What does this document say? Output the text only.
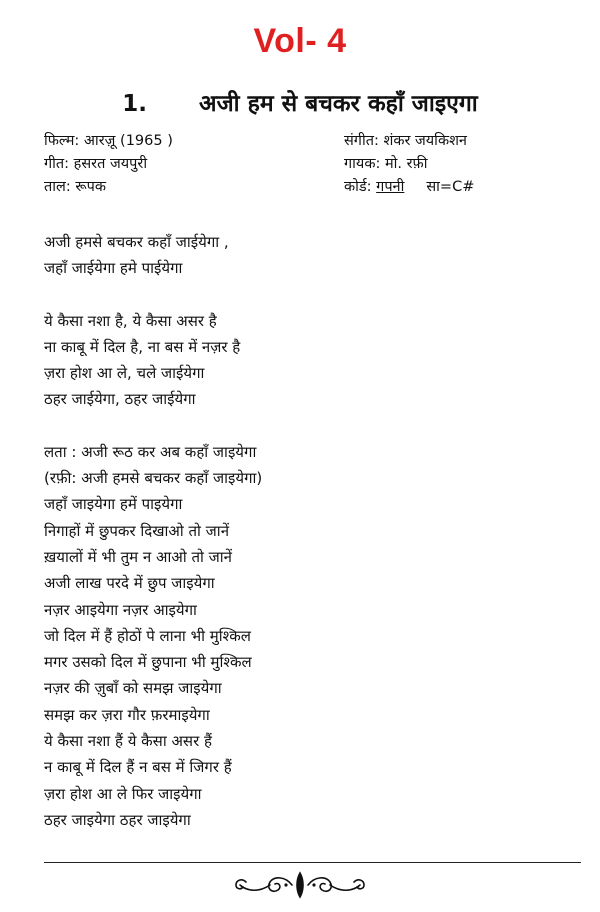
Vol- 4
1. अजी हम से बचकर कहाँ जाइएगा
फिल्म: आरज़ू (1965 )	संगीत: शंकर जयकिशन
गीत: हसरत जयपुरी	गायक: मो. रफ़ी
ताल: रूपक	कोर्ड: गपनी सा=C#
अजी हमसे बचकर कहाँ जाईयेगा ,
जहाँ जाईयेगा हमे पाईयेगा
ये कैसा नशा है, ये कैसा असर है
ना काबू में दिल है, ना बस में नज़र है
ज़रा होश आ ले, चले जाईयेगा
ठहर जाईयेगा, ठहर जाईयेगा
लता : अजी रूठ कर अब कहाँ जाइयेगा
(रफ़ी: अजी हमसे बचकर कहाँ जाइयेगा)
जहाँ जाइयेगा हमें पाइयेगा
निगाहों में छुपकर दिखाओ तो जानें
ख़यालों में भी तुम न आओ तो जानें
अजी लाख परदे में छुप जाइयेगा
नज़र आइयेगा नज़र आइयेगा
जो दिल में हैं होठों पे लाना भी मुश्किल
मगर उसको दिल में छुपाना भी मुश्किल
नज़र की ज़ुबाँ को समझ जाइयेगा
समझ कर ज़रा गौर फ़रमाइयेगा
ये कैसा नशा हैं ये कैसा असर हैं
न काबू में दिल हैं न बस में जिगर हैं
ज़रा होश आ ले फिर जाइयेगा
ठहर जाइयेगा ठहर जाइयेगा
